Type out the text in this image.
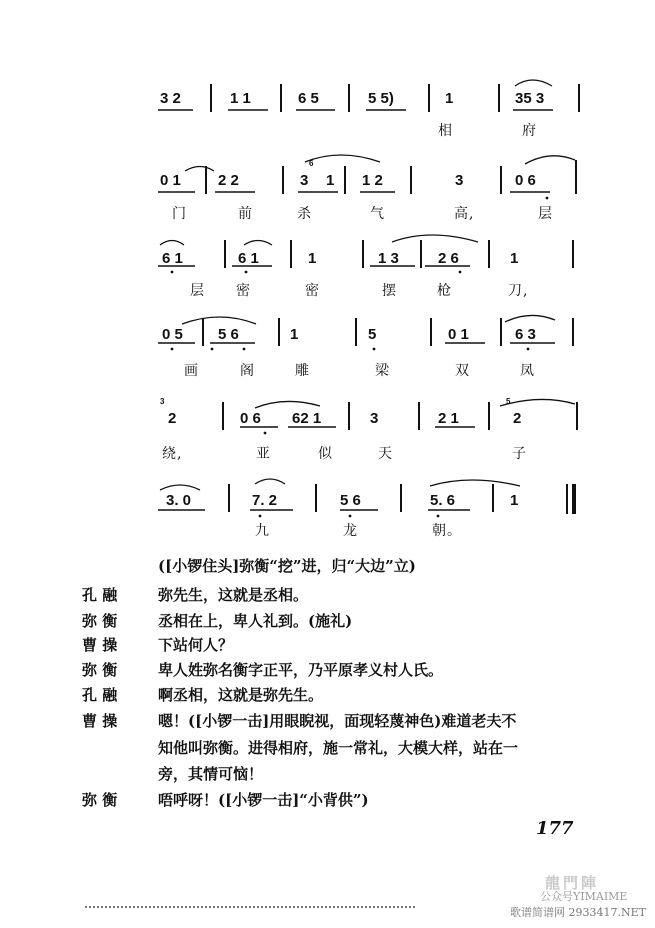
3 2	1 1	6 5	5 5)	1	35 3
相	府
0 1 2 2
6
3 1 1 2	3	0 6
门	前	杀	气	高,	层
6 1	6 1	1	1 3	2 6	1
层 密	密	摆	枪	刀,
0 5 5 6	1	5	0 1	6 3
画	阁	雕	梁	双	凤
3
2	0 6 62 1	3	2 1
5
2
绕,	亚	似	天	子
3. 0	7. 2	5 6	5. 6	1
九	龙	朝。
([小锣住头]弥衡“挖”进，归“大边”立)
孔 融	弥先生，这就是丞相。
弥 衡	丞相在上，卑人礼到。(施礼)
曹 操	下站何人？
弥 衡	卑人姓弥名衡字正平，乃平原孝义村人氏。
孔 融	啊丞相，这就是弥先生。
曹 操	嗯！([小锣一击]用眼睨视，面现轻蔑神色)难道老夫不
知他叫弥衡。进得相府，施一常礼，大模大样，站在一
旁，其情可恼！
弥 衡	唔呼呀！([小锣一击]“小背供”)
177
龍門陣
公众号YIMAIME
歌谱简谱网 2933417.NET
